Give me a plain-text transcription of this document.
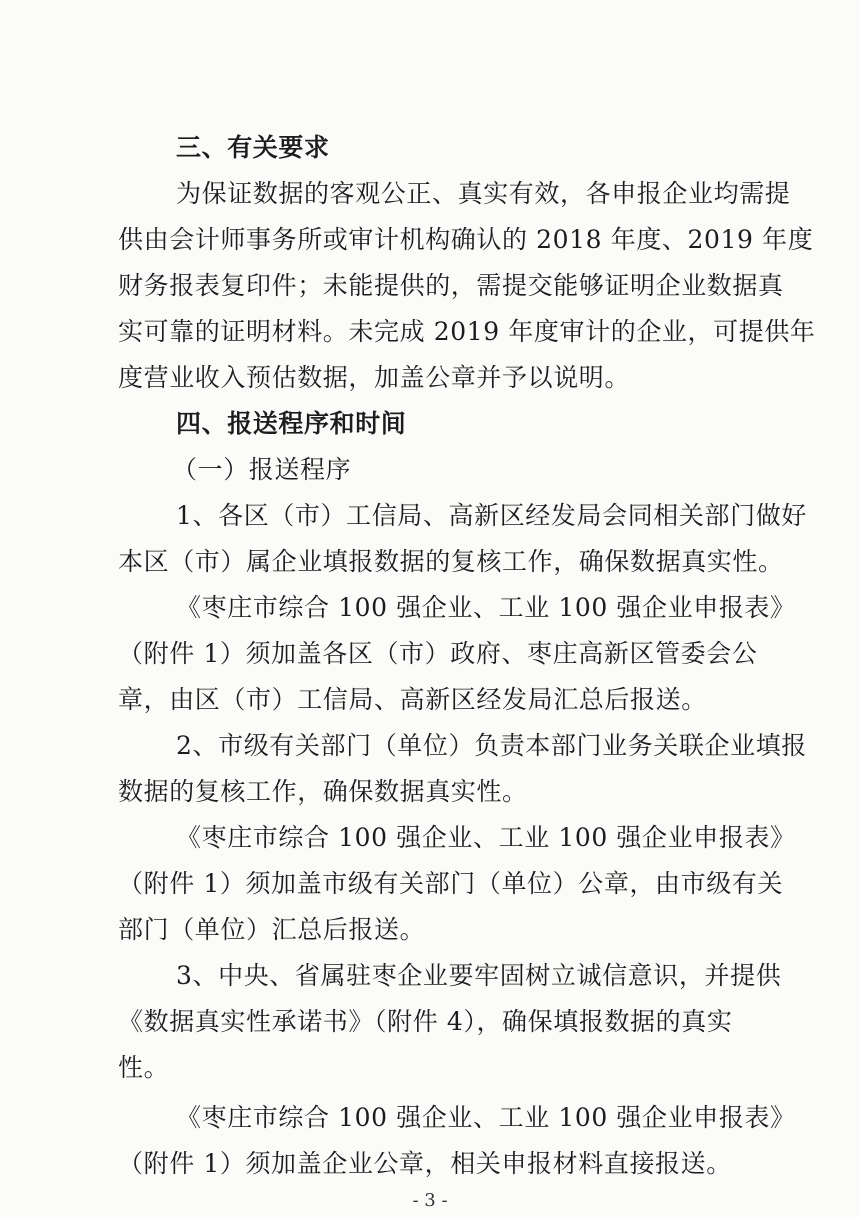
三、有关要求
为保证数据的客观公正、真实有效，各申报企业均需提
供由会计师事务所或审计机构确认的 2018 年度、2019 年度
财务报表复印件；未能提供的，需提交能够证明企业数据真
实可靠的证明材料。未完成 2019 年度审计的企业，可提供年
度营业收入预估数据，加盖公章并予以说明。
四、报送程序和时间
（一）报送程序
1、各区（市）工信局、高新区经发局会同相关部门做好
本区（市）属企业填报数据的复核工作，确保数据真实性。
《枣庄市综合 100 强企业、工业 100 强企业申报表》
（附件 1）须加盖各区（市）政府、枣庄高新区管委会公
章，由区（市）工信局、高新区经发局汇总后报送。
2、市级有关部门（单位）负责本部门业务关联企业填报
数据的复核工作，确保数据真实性。
《枣庄市综合 100 强企业、工业 100 强企业申报表》
（附件 1）须加盖市级有关部门（单位）公章，由市级有关
部门（单位）汇总后报送。
3、中央、省属驻枣企业要牢固树立诚信意识，并提供
《数据真实性承诺书》（附件 4），确保填报数据的真实
性。
《枣庄市综合 100 强企业、工业 100 强企业申报表》
（附件 1）须加盖企业公章，相关申报材料直接报送。
- 3 -
